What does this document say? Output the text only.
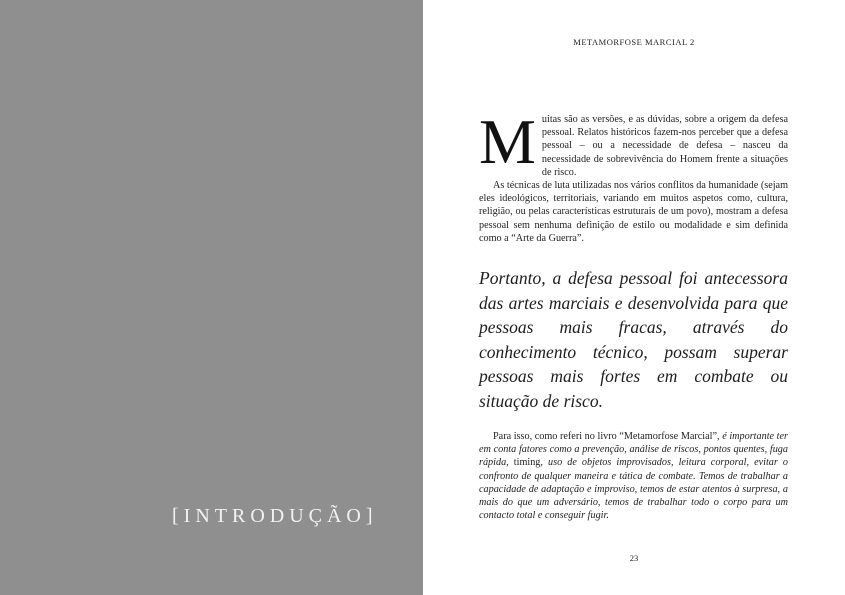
[INTRODUÇÃO]
METAMORFOSE MARCIAL 2

Muitas são as versões, e as dúvidas, sobre a origem da defesa pessoal. Relatos históricos fazem-nos perceber que a defesa pessoal – ou a necessidade de defesa – nasceu da necessidade de sobrevivência do Homem frente a situações de risco.

As técnicas de luta utilizadas nos vários conflitos da humanidade (sejam eles ideológicos, territoriais, variando em muitos aspetos como, cultura, religião, ou pelas características estruturais de um povo), mostram a defesa pessoal sem nenhuma definição de estilo ou modalidade e sim definida como a “Arte da Guerra”.

Portanto, a defesa pessoal foi antecessora das artes marciais e desenvolvida para que pessoas mais fracas, através do conhecimento técnico, possam superar pessoas mais fortes em combate ou situação de risco.

Para isso, como referi no livro “Metamorfose Marcial”, é importante ter em conta fatores como a prevenção, análise de riscos, pontos quentes, fuga rápida, timing, uso de objetos improvisados, leitura corporal, evitar o confronto de qualquer maneira e tática de combate. Temos de trabalhar a capacidade de adaptação e improviso, temos de estar atentos à surpresa, a mais do que um adversário, temos de trabalhar todo o corpo para um contacto total e conseguir fugir.

23
